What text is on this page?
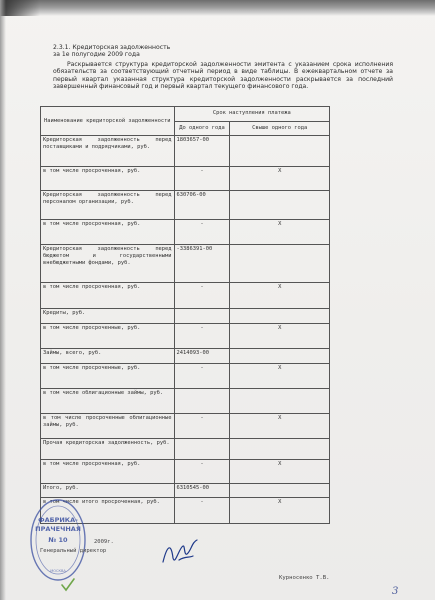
2.3.1. Кредиторская задолженность
за 1е полугодие 2009 года
Раскрывается структура кредиторской задолженности эмитента с указанием срока исполнения обязательств за соответствующий отчетный период в виде таблицы. В ежеквартальном отчете за первый квартал указанная структура кредиторской задолженности раскрывается за последний завершенный финансовый год и первый квартал текущего финансового года.
Наименование кредиторской задолженности	Срок наступления платежа	
	До одного года	Свыше одного года
Кредиторская задолженность перед поставщиками и подрядчиками, руб.	1803657-00	
в том числе просроченная, руб.	-	X
Кредиторская задолженность перед персоналом организации, руб.	630706-00	
в том числе просроченная, руб.	-	X
Кредиторская задолженность перед бюджетом и государственными внебюджетными фондами, руб.	-3386391-00	
в том числе просроченная, руб.	-	X
Кредиты, руб.		
в том числе просроченные, руб.	-	X
Займы, всего, руб.	2414093-00	
в том числе просроченные, руб.	-	X
в том числе облигационные займы, руб.		
в том числе просроченные облигационные займы, руб.	-	X
Прочая кредиторская задолженность, руб.		
в том числе просроченная, руб.	-	X
Итого, руб.	6310545-00	
в том числе итого просроченная, руб.	-	X
ФАБРИКА-
ПРАЧЕЧНАЯ
№ 10
МОСКВА
2009г.
Генеральный директор
Курносенко Т.В.
3
